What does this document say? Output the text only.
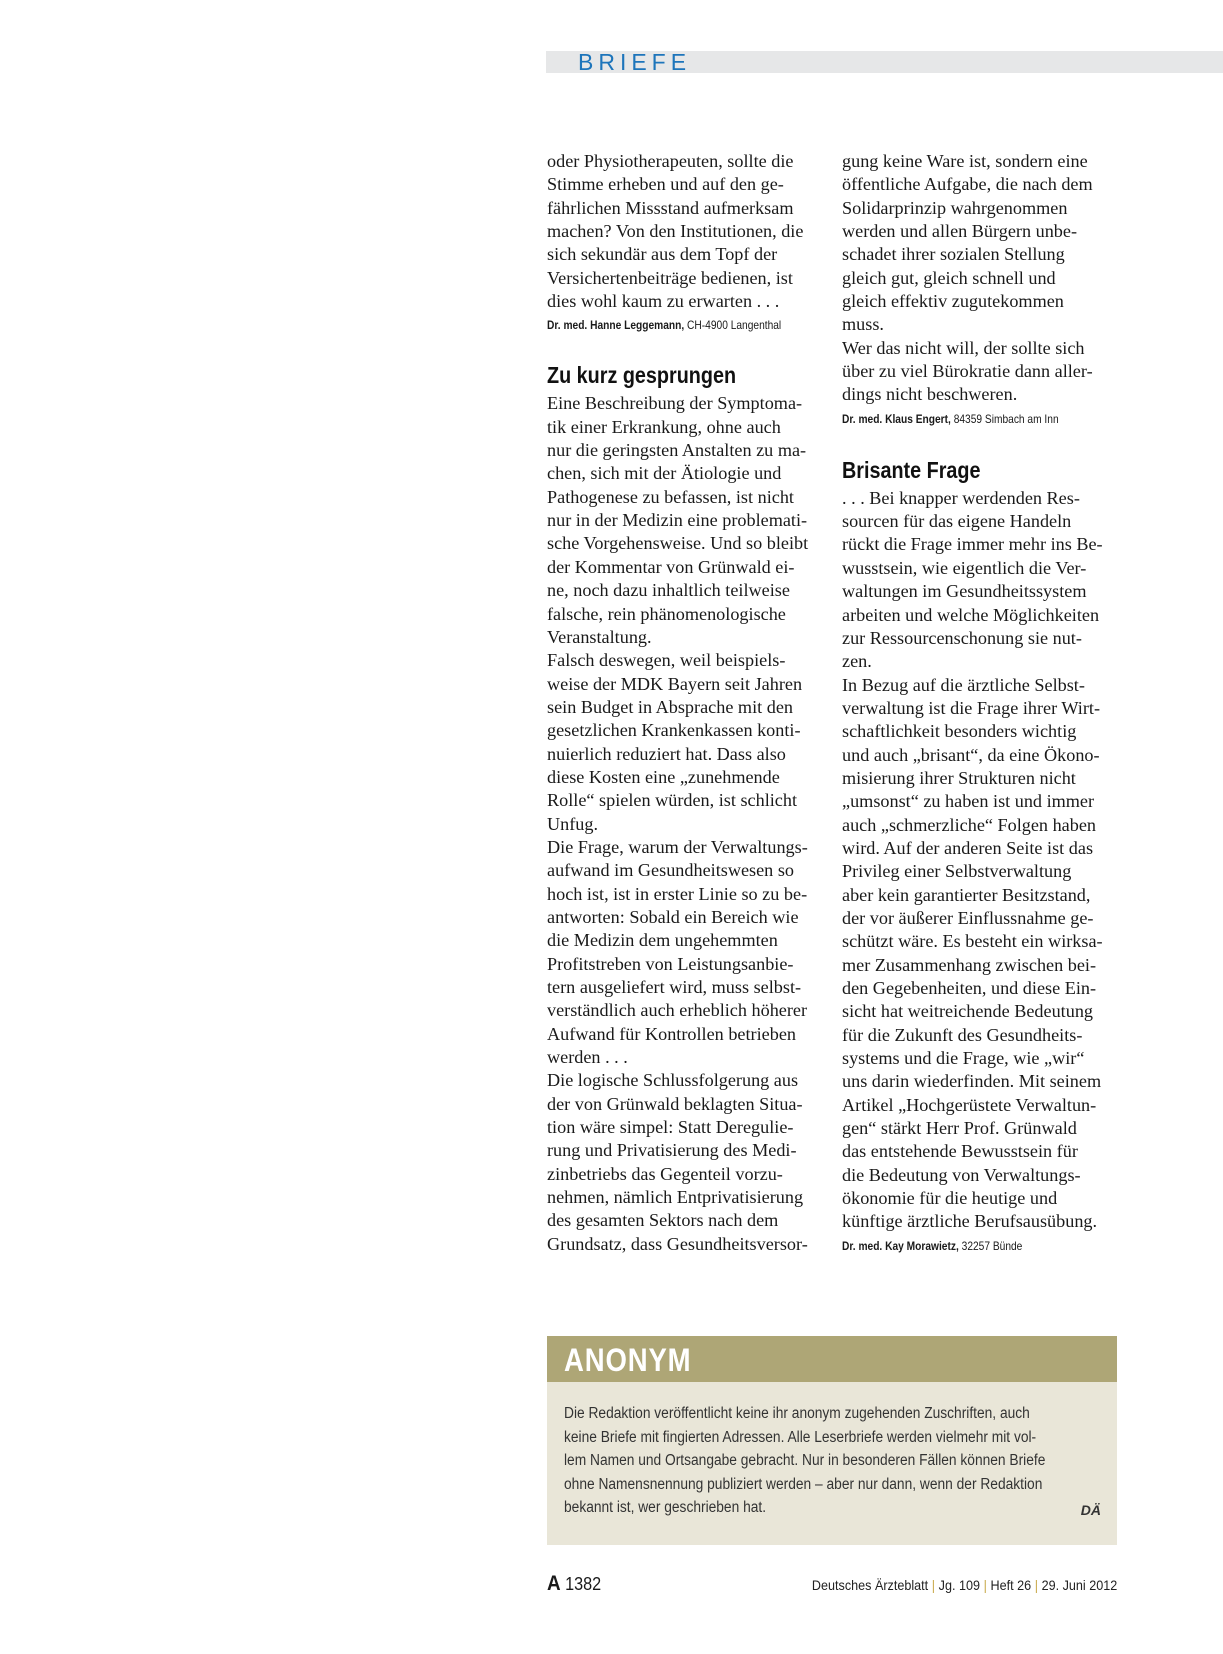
BRIEFE
oder Physiotherapeuten, sollte die
Stimme erheben und auf den ge-
fährlichen Missstand aufmerksam
machen? Von den Institutionen, die
sich sekundär aus dem Topf der
Versichertenbeiträge bedienen, ist
dies wohl kaum zu erwarten . . .

Dr. med. Hanne Leggemann, CH-4900 Langenthal

Zu kurz gesprungen
Eine Beschreibung der Symptoma-
tik einer Erkrankung, ohne auch
nur die geringsten Anstalten zu ma-
chen, sich mit der Ätiologie und
Pathogenese zu befassen, ist nicht
nur in der Medizin eine problemati-
sche Vorgehensweise. Und so bleibt
der Kommentar von Grünwald ei-
ne, noch dazu inhaltlich teilweise
falsche, rein phänomenologische
Veranstaltung.
Falsch deswegen, weil beispiels-
weise der MDK Bayern seit Jahren
sein Budget in Absprache mit den
gesetzlichen Krankenkassen konti-
nuierlich reduziert hat. Dass also
diese Kosten eine „zunehmende
Rolle“ spielen würden, ist schlicht
Unfug.
Die Frage, warum der Verwaltungs-
aufwand im Gesundheitswesen so
hoch ist, ist in erster Linie so zu be-
antworten: Sobald ein Bereich wie
die Medizin dem ungehemmten
Profitstreben von Leistungsanbie-
tern ausgeliefert wird, muss selbst-
verständlich auch erheblich höherer
Aufwand für Kontrollen betrieben
werden . . .
Die logische Schlussfolgerung aus
der von Grünwald beklagten Situa-
tion wäre simpel: Statt Deregulie-
rung und Privatisierung des Medi-
zinbetriebs das Gegenteil vorzu-
nehmen, nämlich Entprivatisierung
des gesamten Sektors nach dem
Grundsatz, dass Gesundheitsversor-
gung keine Ware ist, sondern eine
öffentliche Aufgabe, die nach dem
Solidarprinzip wahrgenommen
werden und allen Bürgern unbe-
schadet ihrer sozialen Stellung
gleich gut, gleich schnell und
gleich effektiv zugutekommen
muss.
Wer das nicht will, der sollte sich
über zu viel Bürokratie dann aller-
dings nicht beschweren.

Dr. med. Klaus Engert, 84359 Simbach am Inn

Brisante Frage
. . . Bei knapper werdenden Res-
sourcen für das eigene Handeln
rückt die Frage immer mehr ins Be-
wusstsein, wie eigentlich die Ver-
waltungen im Gesundheitssystem
arbeiten und welche Möglichkeiten
zur Ressourcenschonung sie nut-
zen.
In Bezug auf die ärztliche Selbst-
verwaltung ist die Frage ihrer Wirt-
schaftlichkeit besonders wichtig
und auch „brisant“, da eine Ökono-
misierung ihrer Strukturen nicht
„umsonst“ zu haben ist und immer
auch „schmerzliche“ Folgen haben
wird. Auf der anderen Seite ist das
Privileg einer Selbstverwaltung
aber kein garantierter Besitzstand,
der vor äußerer Einflussnahme ge-
schützt wäre. Es besteht ein wirksa-
mer Zusammenhang zwischen bei-
den Gegebenheiten, und diese Ein-
sicht hat weitreichende Bedeutung
für die Zukunft des Gesundheits-
systems und die Frage, wie „wir“
uns darin wiederfinden. Mit seinem
Artikel „Hochgerüstete Verwaltun-
gen“ stärkt Herr Prof. Grünwald
das entstehende Bewusstsein für
die Bedeutung von Verwaltungs-
ökonomie für die heutige und
künftige ärztliche Berufsausübung.

Dr. med. Kay Morawietz, 32257 Bünde

ANONYM
Die Redaktion veröffentlicht keine ihr anonym zugehenden Zuschriften, auch
keine Briefe mit fingierten Adressen. Alle Leserbriefe werden vielmehr mit vol-
lem Namen und Ortsangabe gebracht. Nur in besonderen Fällen können Briefe
ohne Namensnennung publiziert werden – aber nur dann, wenn der Redaktion
bekannt ist, wer geschrieben hat.	DÄ
A 1382	Deutsches Ärzteblatt | Jg. 109 | Heft 26 | 29. Juni 2012
